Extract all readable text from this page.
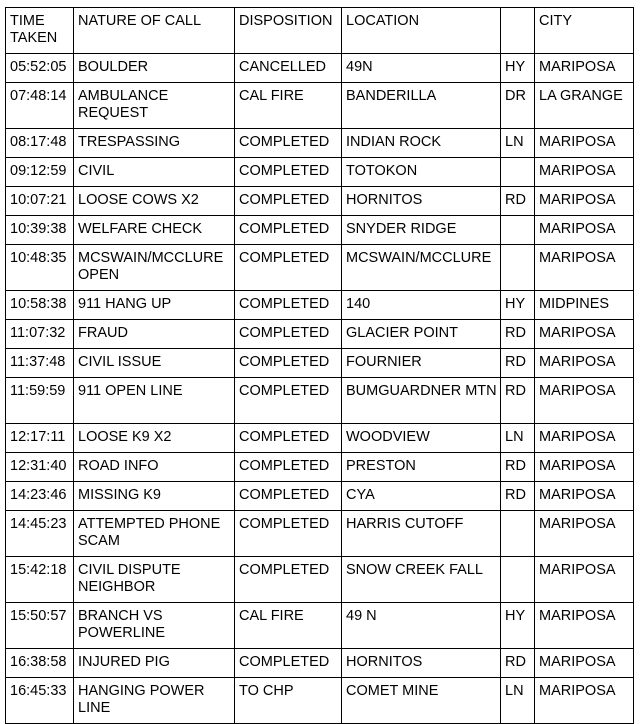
TIME TAKEN	NATURE OF CALL	DISPOSITION	LOCATION		CITY
05:52:05	BOULDER	CANCELLED	49N	HY	MARIPOSA
07:48:14	AMBULANCE REQUEST	CAL FIRE	BANDERILLA	DR	LA GRANGE
08:17:48	TRESPASSING	COMPLETED	INDIAN ROCK	LN	MARIPOSA
09:12:59	CIVIL	COMPLETED	TOTOKON		MARIPOSA
10:07:21	LOOSE COWS X2	COMPLETED	HORNITOS	RD	MARIPOSA
10:39:38	WELFARE CHECK	COMPLETED	SNYDER RIDGE		MARIPOSA
10:48:35	MCSWAIN/MCCLURE OPEN	COMPLETED	MCSWAIN/MCCLURE		MARIPOSA
10:58:38	911 HANG UP	COMPLETED	140	HY	MIDPINES
11:07:32	FRAUD	COMPLETED	GLACIER POINT	RD	MARIPOSA
11:37:48	CIVIL ISSUE	COMPLETED	FOURNIER	RD	MARIPOSA
11:59:59	911 OPEN LINE	COMPLETED	BUMGUARDNER MTN	RD	MARIPOSA
12:17:11	LOOSE K9 X2	COMPLETED	WOODVIEW	LN	MARIPOSA
12:31:40	ROAD INFO	COMPLETED	PRESTON	RD	MARIPOSA
14:23:46	MISSING K9	COMPLETED	CYA	RD	MARIPOSA
14:45:23	ATTEMPTED PHONE SCAM	COMPLETED	HARRIS CUTOFF		MARIPOSA
15:42:18	CIVIL DISPUTE NEIGHBOR	COMPLETED	SNOW CREEK FALL		MARIPOSA
15:50:57	BRANCH VS POWERLINE	CAL FIRE	49 N	HY	MARIPOSA
16:38:58	INJURED PIG	COMPLETED	HORNITOS	RD	MARIPOSA
16:45:33	HANGING POWER LINE	TO CHP	COMET MINE	LN	MARIPOSA
